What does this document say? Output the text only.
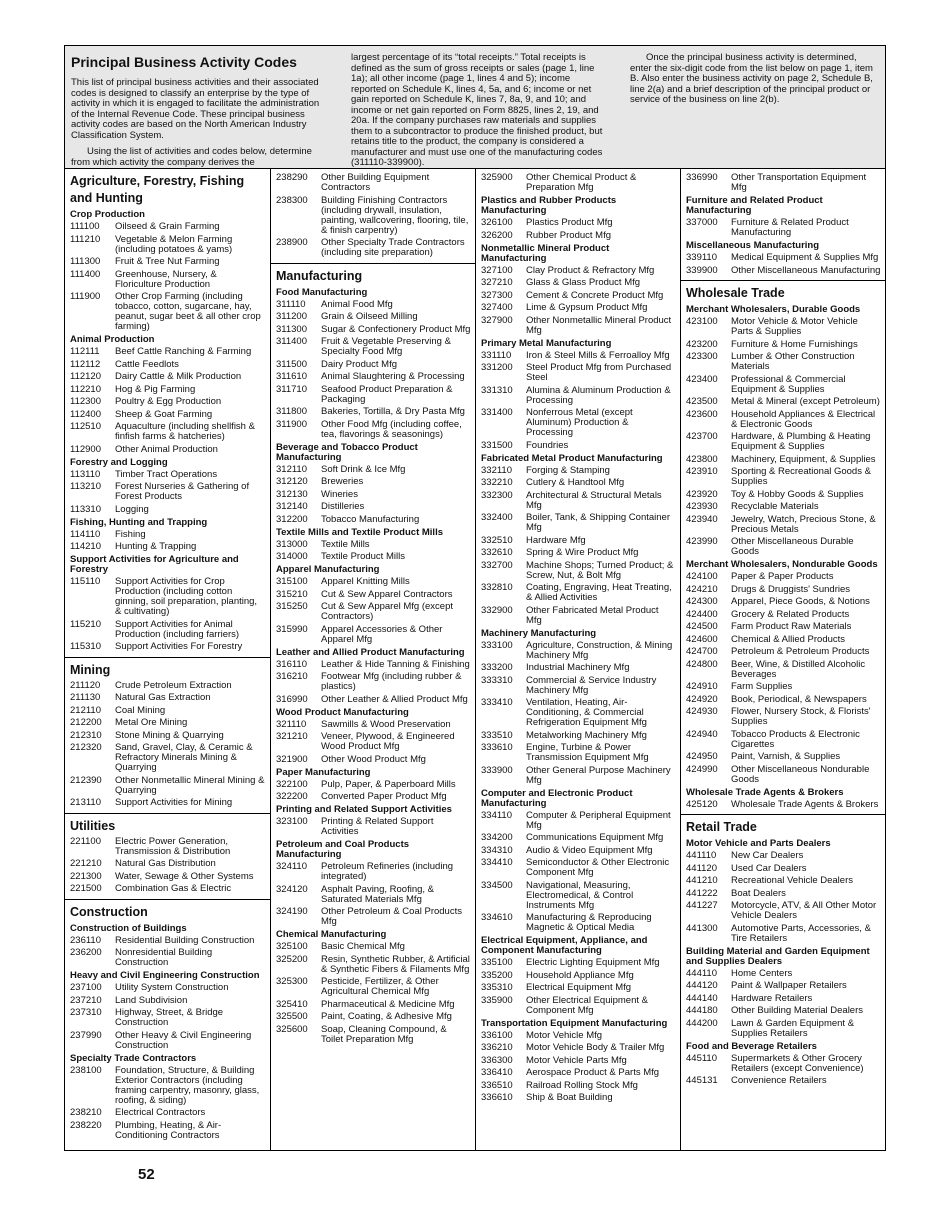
Principal Business Activity Codes

This list of principal business activities and their associated codes is designed to classify an enterprise by the type of activity in which it is engaged to facilitate the administration of the Internal Revenue Code. These principal business activity codes are based on the North American Industry Classification System.

Using the list of activities and codes below, determine from which activity the company derives the

largest percentage of its “total receipts.” Total receipts is defined as the sum of gross receipts or sales (page 1, line 1a); all other income (page 1, lines 4 and 5); income reported on Schedule K, lines 4, 5a, and 6; income or net gain reported on Schedule K, lines 7, 8a, 9, and 10; and income or net gain reported on Form 8825, lines 2, 19, and 20a. If the company purchases raw materials and supplies them to a subcontractor to produce the finished product, but retains title to the product, the company is considered a manufacturer and must use one of the manufacturing codes (311110-339900).

Once the principal business activity is determined, enter the six-digit code from the list below on page 1, item B. Also enter the business activity on page 2, Schedule B, line 2(a) and a brief description of the principal product or service of the business on line 2(b).

Agriculture, Forestry, Fishing and Hunting
Crop Production
111100	Oilseed & Grain Farming
111210	Vegetable & Melon Farming (including potatoes & yams)
111300	Fruit & Tree Nut Farming
111400	Greenhouse, Nursery, & Floriculture Production
111900	Other Crop Farming (including tobacco, cotton, sugarcane, hay, peanut, sugar beet & all other crop farming)
Animal Production
112111	Beef Cattle Ranching & Farming
112112	Cattle Feedlots
112120	Dairy Cattle & Milk Production
112210	Hog & Pig Farming
112300	Poultry & Egg Production
112400	Sheep & Goat Farming
112510	Aquaculture (including shellfish & finfish farms & hatcheries)
112900	Other Animal Production
Forestry and Logging
113110	Timber Tract Operations
113210	Forest Nurseries & Gathering of Forest Products
113310	Logging
Fishing, Hunting and Trapping
114110	Fishing
114210	Hunting & Trapping
Support Activities for Agriculture and Forestry
115110	Support Activities for Crop Production (including cotton ginning, soil preparation, planting, & cultivating)
115210	Support Activities for Animal Production (including farriers)
115310	Support Activities For Forestry
Mining
211120	Crude Petroleum Extraction
211130	Natural Gas Extraction
212110	Coal Mining
212200	Metal Ore Mining
212310	Stone Mining & Quarrying
212320	Sand, Gravel, Clay, & Ceramic & Refractory Minerals Mining & Quarrying
212390	Other Nonmetallic Mineral Mining & Quarrying
213110	Support Activities for Mining
Utilities
221100	Electric Power Generation, Transmission & Distribution
221210	Natural Gas Distribution
221300	Water, Sewage & Other Systems
221500	Combination Gas & Electric
Construction
Construction of Buildings
236110	Residential Building Construction
236200	Nonresidential Building Construction
Heavy and Civil Engineering Construction
237100	Utility System Construction
237210	Land Subdivision
237310	Highway, Street, & Bridge Construction
237990	Other Heavy & Civil Engineering Construction
Specialty Trade Contractors
238100	Foundation, Structure, & Building Exterior Contractors (including framing carpentry, masonry, glass, roofing, & siding)
238210	Electrical Contractors
238220	Plumbing, Heating, & Air-Conditioning Contractors
238290	Other Building Equipment Contractors
238300	Building Finishing Contractors (including drywall, insulation, painting, wallcovering, flooring, tile, & finish carpentry)
238900	Other Specialty Trade Contractors (including site preparation)
Manufacturing
Food Manufacturing
311110	Animal Food Mfg
311200	Grain & Oilseed Milling
311300	Sugar & Confectionery Product Mfg
311400	Fruit & Vegetable Preserving & Specialty Food Mfg
311500	Dairy Product Mfg
311610	Animal Slaughtering & Processing
311710	Seafood Product Preparation & Packaging
311800	Bakeries, Tortilla, & Dry Pasta Mfg
311900	Other Food Mfg (including coffee, tea, flavorings & seasonings)
Beverage and Tobacco Product Manufacturing
312110	Soft Drink & Ice Mfg
312120	Breweries
312130	Wineries
312140	Distilleries
312200	Tobacco Manufacturing
Textile Mills and Textile Product Mills
313000	Textile Mills
314000	Textile Product Mills
Apparel Manufacturing
315100	Apparel Knitting Mills
315210	Cut & Sew Apparel Contractors
315250	Cut & Sew Apparel Mfg (except Contractors)
315990	Apparel Accessories & Other Apparel Mfg
Leather and Allied Product Manufacturing
316110	Leather & Hide Tanning & Finishing
316210	Footwear Mfg (including rubber & plastics)
316990	Other Leather & Allied Product Mfg
Wood Product Manufacturing
321110	Sawmills & Wood Preservation
321210	Veneer, Plywood, & Engineered Wood Product Mfg
321900	Other Wood Product Mfg
Paper Manufacturing
322100	Pulp, Paper, & Paperboard Mills
322200	Converted Paper Product Mfg
Printing and Related Support Activities
323100	Printing & Related Support Activities
Petroleum and Coal Products Manufacturing
324110	Petroleum Refineries (including integrated)
324120	Asphalt Paving, Roofing, & Saturated Materials Mfg
324190	Other Petroleum & Coal Products Mfg
Chemical Manufacturing
325100	Basic Chemical Mfg
325200	Resin, Synthetic Rubber, & Artificial & Synthetic Fibers & Filaments Mfg
325300	Pesticide, Fertilizer, & Other Agricultural Chemical Mfg
325410	Pharmaceutical & Medicine Mfg
325500	Paint, Coating, & Adhesive Mfg
325600	Soap, Cleaning Compound, & Toilet Preparation Mfg
325900	Other Chemical Product & Preparation Mfg
Plastics and Rubber Products Manufacturing
326100	Plastics Product Mfg
326200	Rubber Product Mfg
Nonmetallic Mineral Product Manufacturing
327100	Clay Product & Refractory Mfg
327210	Glass & Glass Product Mfg
327300	Cement & Concrete Product Mfg
327400	Lime & Gypsum Product Mfg
327900	Other Nonmetallic Mineral Product Mfg
Primary Metal Manufacturing
331110	Iron & Steel Mills & Ferroalloy Mfg
331200	Steel Product Mfg from Purchased Steel
331310	Alumina & Aluminum Production & Processing
331400	Nonferrous Metal (except Aluminum) Production & Processing
331500	Foundries
Fabricated Metal Product Manufacturing
332110	Forging & Stamping
332210	Cutlery & Handtool Mfg
332300	Architectural & Structural Metals Mfg
332400	Boiler, Tank, & Shipping Container Mfg
332510	Hardware Mfg
332610	Spring & Wire Product Mfg
332700	Machine Shops; Turned Product; & Screw, Nut, & Bolt Mfg
332810	Coating, Engraving, Heat Treating, & Allied Activities
332900	Other Fabricated Metal Product Mfg
Machinery Manufacturing
333100	Agriculture, Construction, & Mining Machinery Mfg
333200	Industrial Machinery Mfg
333310	Commercial & Service Industry Machinery Mfg
333410	Ventilation, Heating, Air-Conditioning, & Commercial Refrigeration Equipment Mfg
333510	Metalworking Machinery Mfg
333610	Engine, Turbine & Power Transmission Equipment Mfg
333900	Other General Purpose Machinery Mfg
Computer and Electronic Product Manufacturing
334110	Computer & Peripheral Equipment Mfg
334200	Communications Equipment Mfg
334310	Audio & Video Equipment Mfg
334410	Semiconductor & Other Electronic Component Mfg
334500	Navigational, Measuring, Electromedical, & Control Instruments Mfg
334610	Manufacturing & Reproducing Magnetic & Optical Media
Electrical Equipment, Appliance, and Component Manufacturing
335100	Electric Lighting Equipment Mfg
335200	Household Appliance Mfg
335310	Electrical Equipment Mfg
335900	Other Electrical Equipment & Component Mfg
Transportation Equipment Manufacturing
336100	Motor Vehicle Mfg
336210	Motor Vehicle Body & Trailer Mfg
336300	Motor Vehicle Parts Mfg
336410	Aerospace Product & Parts Mfg
336510	Railroad Rolling Stock Mfg
336610	Ship & Boat Building
336990	Other Transportation Equipment Mfg
Furniture and Related Product Manufacturing
337000	Furniture & Related Product Manufacturing
Miscellaneous Manufacturing
339110	Medical Equipment & Supplies Mfg
339900	Other Miscellaneous Manufacturing
Wholesale Trade
Merchant Wholesalers, Durable Goods
423100	Motor Vehicle & Motor Vehicle Parts & Supplies
423200	Furniture & Home Furnishings
423300	Lumber & Other Construction Materials
423400	Professional & Commercial Equipment & Supplies
423500	Metal & Mineral (except Petroleum)
423600	Household Appliances & Electrical & Electronic Goods
423700	Hardware, & Plumbing & Heating Equipment & Supplies
423800	Machinery, Equipment, & Supplies
423910	Sporting & Recreational Goods & Supplies
423920	Toy & Hobby Goods & Supplies
423930	Recyclable Materials
423940	Jewelry, Watch, Precious Stone, & Precious Metals
423990	Other Miscellaneous Durable Goods
Merchant Wholesalers, Nondurable Goods
424100	Paper & Paper Products
424210	Drugs & Druggists' Sundries
424300	Apparel, Piece Goods, & Notions
424400	Grocery & Related Products
424500	Farm Product Raw Materials
424600	Chemical & Allied Products
424700	Petroleum & Petroleum Products
424800	Beer, Wine, & Distilled Alcoholic Beverages
424910	Farm Supplies
424920	Book, Periodical, & Newspapers
424930	Flower, Nursery Stock, & Florists' Supplies
424940	Tobacco Products & Electronic Cigarettes
424950	Paint, Varnish, & Supplies
424990	Other Miscellaneous Nondurable Goods
Wholesale Trade Agents & Brokers
425120	Wholesale Trade Agents & Brokers
Retail Trade
Motor Vehicle and Parts Dealers
441110	New Car Dealers
441120	Used Car Dealers
441210	Recreational Vehicle Dealers
441222	Boat Dealers
441227	Motorcycle, ATV, & All Other Motor Vehicle Dealers
441300	Automotive Parts, Accessories, & Tire Retailers
Building Material and Garden Equipment and Supplies Dealers
444110	Home Centers
444120	Paint & Wallpaper Retailers
444140	Hardware Retailers
444180	Other Building Material Dealers
444200	Lawn & Garden Equipment & Supplies Retailers
Food and Beverage Retailers
445110	Supermarkets & Other Grocery Retailers (except Convenience)
445131	Convenience Retailers
52
